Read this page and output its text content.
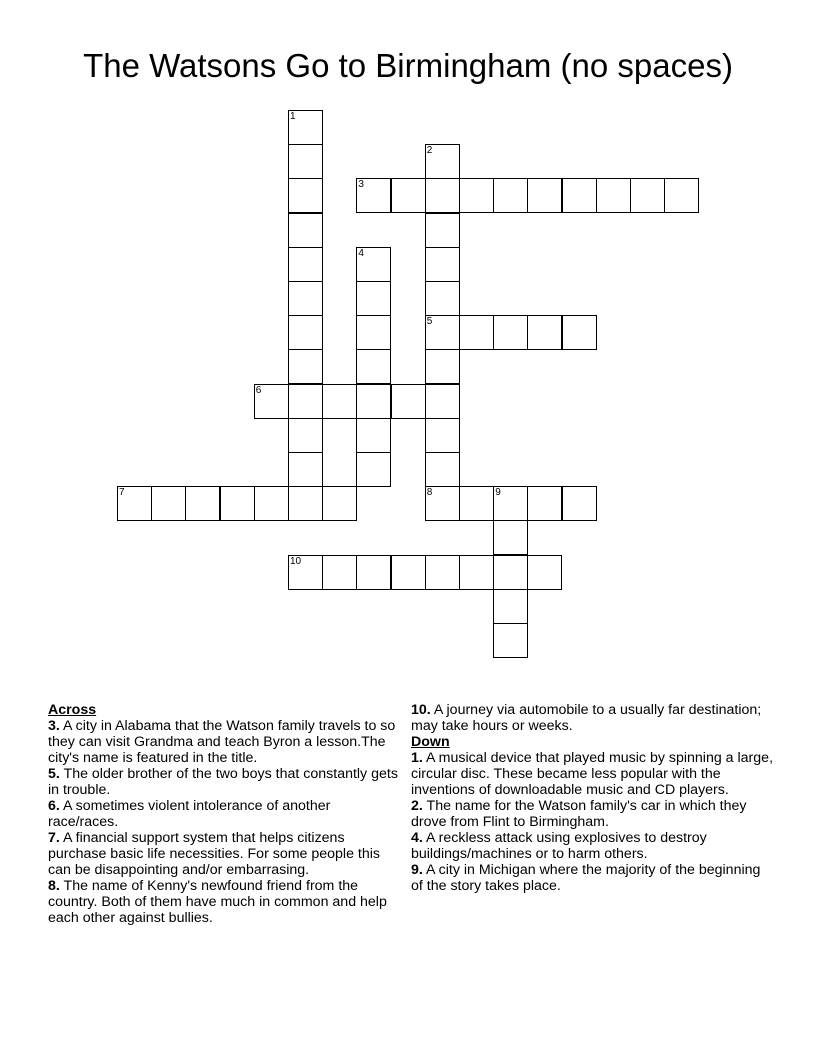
The Watsons Go to Birmingham (no spaces)
1
2
5
8
3
4
6
7	9
10
Across

3. A city in Alabama that the Watson family travels to so they can visit Grandma and teach Byron a lesson.The city's name is featured in the title.

5. The older brother of the two boys that constantly gets in trouble.

6. A sometimes violent intolerance of another race/races.

7. A financial support system that helps citizens purchase basic life necessities. For some people this can be disappointing and/or embarrasing.

8. The name of Kenny's newfound friend from the country. Both of them have much in common and help each other against bullies.

10. A journey via automobile to a usually far destination; may take hours or weeks.

Down

1. A musical device that played music by spinning a large, circular disc. These became less popular with the inventions of downloadable music and CD players.

2. The name for the Watson family's car in which they drove from Flint to Birmingham.

4. A reckless attack using explosives to destroy buildings/machines or to harm others.

9. A city in Michigan where the majority of the beginning of the story takes place.
